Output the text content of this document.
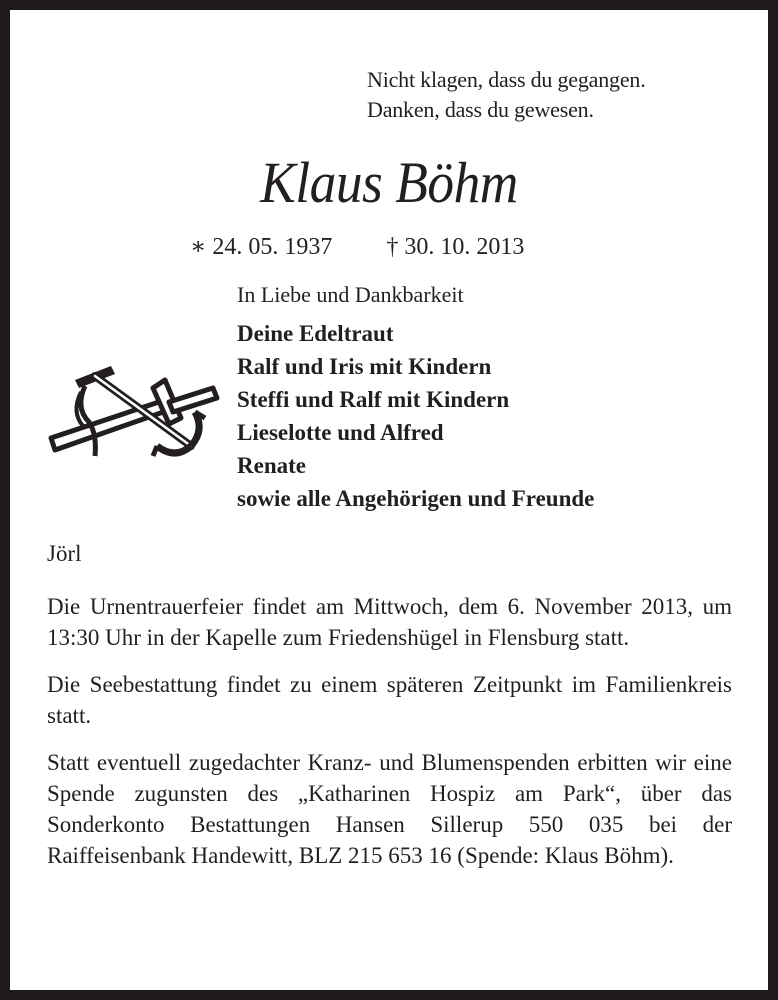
Nicht klagen, dass du gegangen.
Danken, dass du gewesen.
Klaus Böhm
∗ 24. 05. 1937 † 30. 10. 2013
In Liebe und Dankbarkeit
Deine Edeltraut
Ralf und Iris mit Kindern
Steffi und Ralf mit Kindern
Lieselotte und Alfred
Renate
sowie alle Angehörigen und Freunde

Jörl

Die Urnentrauerfeier findet am Mittwoch, dem 6. November 2013, um 13:30 Uhr in der Kapelle zum Friedenshügel in Flensburg statt.

Die Seebestattung findet zu einem späteren Zeitpunkt im Familienkreis statt.

Statt eventuell zugedachter Kranz- und Blumenspenden erbitten wir eine Spende zugunsten des „Katharinen Hospiz am Park“, über das Sonderkonto Bestattungen Hansen Sillerup 550 035 bei der Raiffeisenbank Handewitt, BLZ 215 653 16 (Spende: Klaus Böhm).
